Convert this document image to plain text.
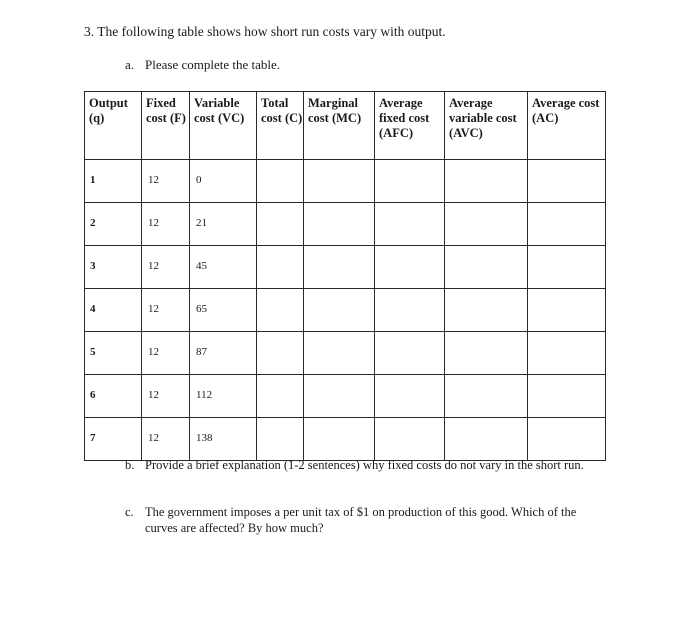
3. The following table shows how short run costs vary with output.
a. Please complete the table.
Output (q)	Fixed cost (F)	Variable cost (VC)	Total cost (C)	Marginal cost (MC)	Average fixed cost (AFC)	Average variable cost (AVC)	Average cost (AC)
1	12	0					
2	12	21					
3	12	45					
4	12	65					
5	12	87					
6	12	112					
7	12	138					
b. Provide a brief explanation (1-2 sentences) why fixed costs do not vary in the short run.
c. The government imposes a per unit tax of $1 on production of this good. Which of the curves are affected? By how much?
